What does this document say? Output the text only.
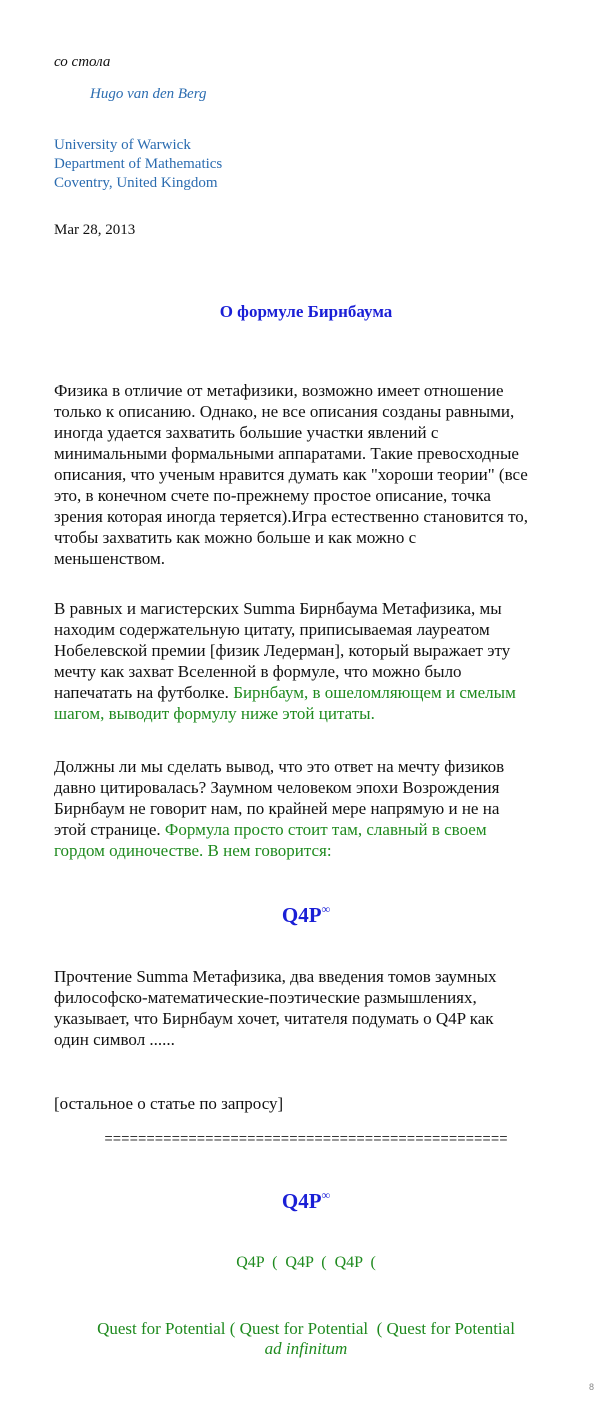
со стола
Hugo van den Berg
University of Warwick
Department of Mathematics
Coventry, United Kingdom
Mar 28, 2013
О формуле Бирнбаума
Физика в отличие от метафизики, возможно имеет отношение
только к описанию. Однако, не все описания созданы равными,
иногда удается захватить большие участки явлений с
минимальными формальными аппаратами. Такие превосходные
описания, что ученым нравится думать как "хороши теории" (все
это, в конечном счете по-прежнему простое описание, точка
зрения которая иногда теряется).Игра естественно становится то,
чтобы захватить как можно больше и как можно с
меньшенством.
В равных и магистерских Summa Бирнбаума Метафизика, мы
находим содержательную цитату, приписываемая лауреатом
Нобелевской премии [физик Ледерман], который выражает эту
мечту как захват Вселенной в формуле, что можно было
напечатать на футболке. Бирнбаум, в ошеломляющем и смелым
шагом, выводит формулу ниже этой цитаты.
Должны ли мы сделать вывод, что это ответ на мечту физиков
давно цитировалась? Заумном человеком эпохи Возрождения
Бирнбаум не говорит нам, по крайней мере напрямую и не на
этой странице. Формула просто стоит там, славный в своем
гордом одиночестве. В нем говорится:
Q4P∞
Прочтение Summa Метафизика, два введения томов заумных
философско-математические-поэтические размышлениях,
указывает, что Бирнбаум хочет, читателя подумать о Q4P как
один символ ......
[остальное о статье по запросу]
================================================
Q4P∞
Q4P  (  Q4P  (  Q4P  (
Quest for Potential ( Quest for Potential  ( Quest for Potential
ad infinitum
8
